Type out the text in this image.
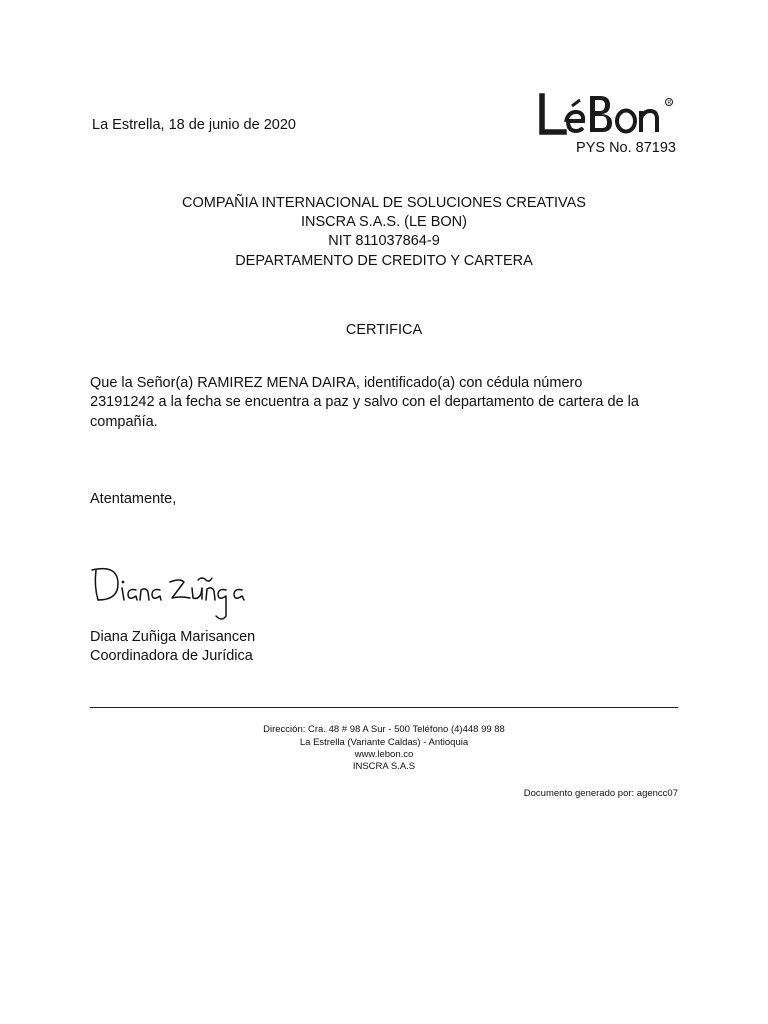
La Estrella, 18 de junio de 2020
R
PYS No. 87193
COMPAÑIA INTERNACIONAL DE SOLUCIONES CREATIVAS
INSCRA S.A.S. (LE BON)
NIT 811037864-9
DEPARTAMENTO DE CREDITO Y CARTERA
CERTIFICA
Que la Señor(a) RAMIREZ MENA DAIRA, identificado(a) con cédula número
23191242 a la fecha se encuentra a paz y salvo con el departamento de cartera de la
compañía.
Atentamente,
Diana Zuñiga Marisancen
Coordinadora de Jurídica
Dirección: Cra. 48 # 98 A Sur - 500 Teléfono (4)448 99 88
La Estrella (Variante Caldas) - Antioquia
www.lebon.co
INSCRA S.A.S
Documento generado por: agencc07
